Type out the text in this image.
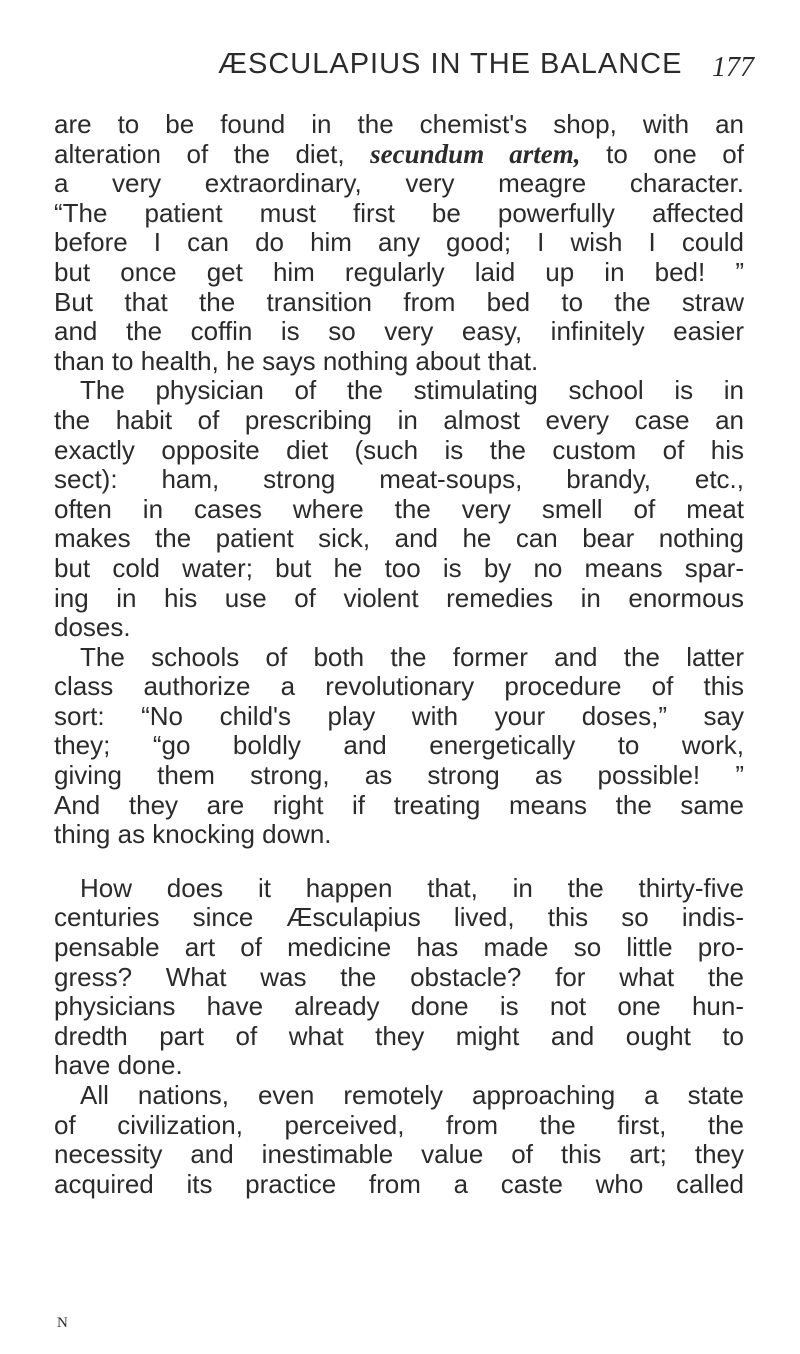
ÆSCULAPIUS IN THE BALANCE 177
are to be found in the chemist's shop, with an
alteration of the diet, secundum artem, to one of
a very extraordinary, very meagre character.
“The patient must first be powerfully affected
before I can do him any good; I wish I could
but once get him regularly laid up in bed! ”
But that the transition from bed to the straw
and the coffin is so very easy, infinitely easier
than to health, he says nothing about that.
The physician of the stimulating school is in
the habit of prescribing in almost every case an
exactly opposite diet (such is the custom of his
sect): ham, strong meat-soups, brandy, etc.,
often in cases where the very smell of meat
makes the patient sick, and he can bear nothing
but cold water; but he too is by no means spar-
ing in his use of violent remedies in enormous
doses.
The schools of both the former and the latter
class authorize a revolutionary procedure of this
sort: “No child's play with your doses,” say
they; “go boldly and energetically to work,
giving them strong, as strong as possible! ”
And they are right if treating means the same
thing as knocking down.
How does it happen that, in the thirty-five
centuries since Æsculapius lived, this so indis-
pensable art of medicine has made so little pro-
gress? What was the obstacle? for what the
physicians have already done is not one hun-
dredth part of what they might and ought to
have done.
All nations, even remotely approaching a state
of civilization, perceived, from the first, the
necessity and inestimable value of this art; they
acquired its practice from a caste who called
N
